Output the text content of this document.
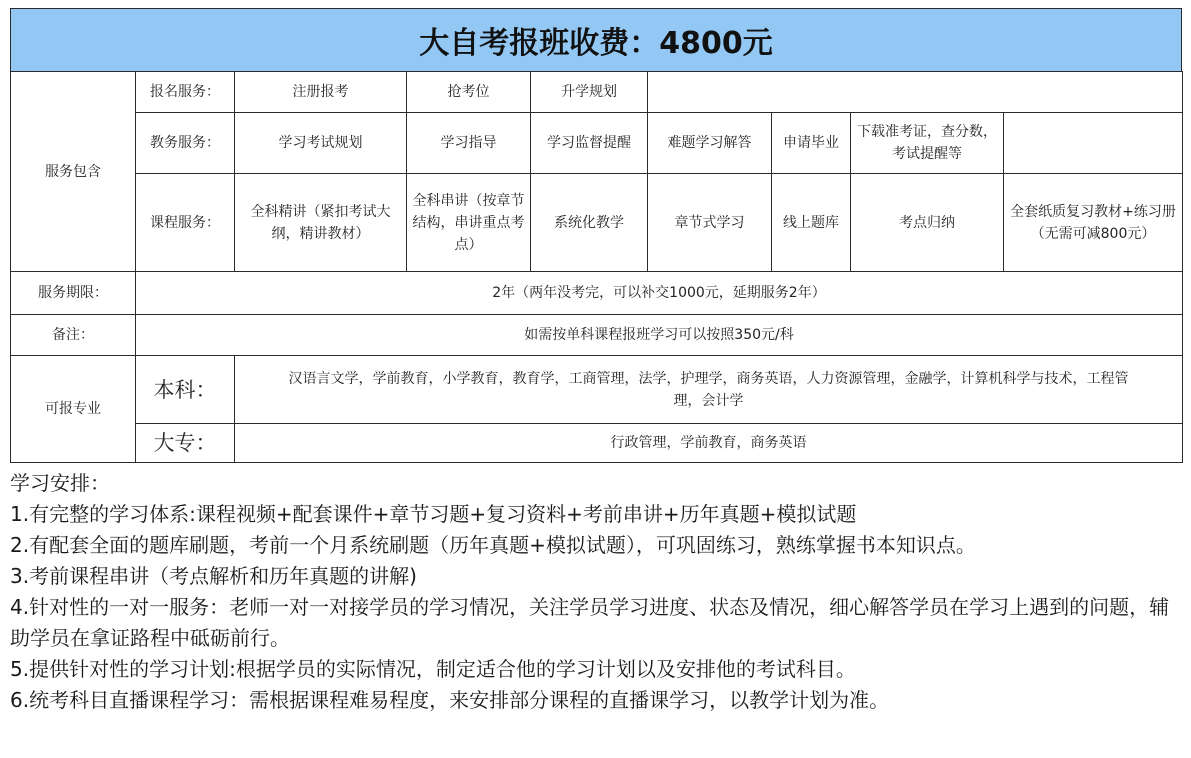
大自考报班收费：4800元
服务包含	报名服务：	注册报考	抢考位	升学规划				
	教务服务：	学习考试规划	学习指导	学习监督提醒	难题学习解答	申请毕业	下载准考证，查分数，考试提醒等	
	课程服务：	全科精讲（紧扣考试大纲，精讲教材）	全科串讲（按章节结构，串讲重点考点）	系统化教学	章节式学习	线上题库	考点归纳	全套纸质复习教材+练习册（无需可减800元）
服务期限：	2年（两年没考完，可以补交1000元，延期服务2年）							
备注：	如需按单科课程报班学习可以按照350元/科							
可报专业	本科：	汉语言文学，学前教育，小学教育，教育学，工商管理，法学，护理学，商务英语，人力资源管理，金融学，计算机科学与技术，工程管理，会计学						
	大专：	行政管理，学前教育，商务英语						

学习安排：

1.有完整的学习体系:课程视频+配套课件+章节习题+复习资料+考前串讲+历年真题+模拟试题

2.有配套全面的题库刷题，考前一个月系统刷题（历年真题+模拟试题），可巩固练习，熟练掌握书本知识点。

3.考前课程串讲（考点解析和历年真题的讲解)

4.针对性的一对一服务：老师一对一对接学员的学习情况，关注学员学习进度、状态及情况，细心解答学员在学习上遇到的问题，辅助学员在拿证路程中砥砺前行。

5.提供针对性的学习计划:根据学员的实际情况，制定适合他的学习计划以及安排他的考试科目。

6.统考科目直播课程学习：需根据课程难易程度，来安排部分课程的直播课学习，以教学计划为准。
